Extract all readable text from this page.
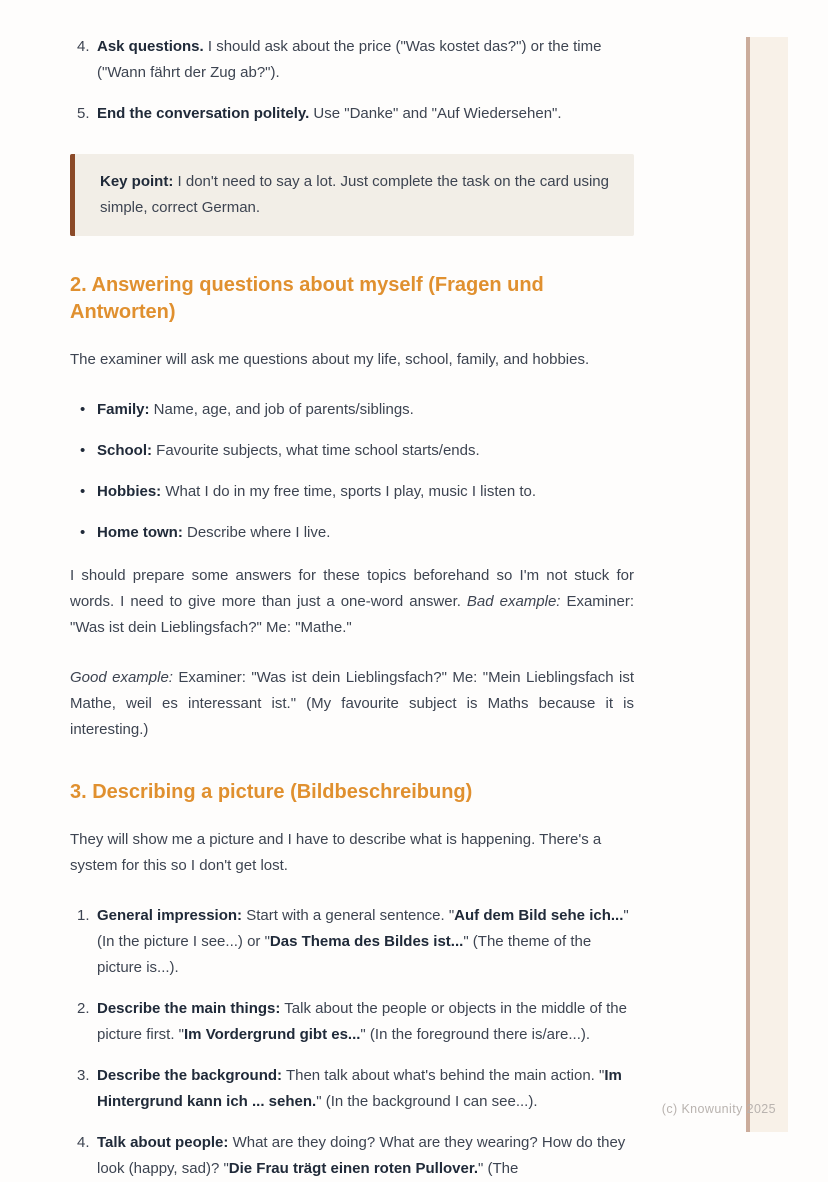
(c) Knowunity 2025
4. Ask questions. I should ask about the price ("Was kostet das?") or the time ("Wann fährt der Zug ab?").
5. End the conversation politely. Use "Danke" and "Auf Wiedersehen".
Key point: I don't need to say a lot. Just complete the task on the card using simple, correct German.
2. Answering questions about myself (Fragen und Antworten)

The examiner will ask me questions about my life, school, family, and hobbies.

• Family: Name, age, and job of parents/siblings.
• School: Favourite subjects, what time school starts/ends.
• Hobbies: What I do in my free time, sports I play, music I listen to.
• Home town: Describe where I live.

I should prepare some answers for these topics beforehand so I'm not stuck for words. I need to give more than just a one-word answer. Bad example: Examiner: "Was ist dein Lieblingsfach?" Me: "Mathe."

Good example: Examiner: "Was ist dein Lieblingsfach?" Me: "Mein Lieblingsfach ist Mathe, weil es interessant ist." (My favourite subject is Maths because it is interesting.)

3. Describing a picture (Bildbeschreibung)

They will show me a picture and I have to describe what is happening. There's a system for this so I don't get lost.

1. General impression: Start with a general sentence. "Auf dem Bild sehe ich..." (In the picture I see...) or "Das Thema des Bildes ist..." (The theme of the picture is...).
2. Describe the main things: Talk about the people or objects in the middle of the picture first. "Im Vordergrund gibt es..." (In the foreground there is/are...).
3. Describe the background: Then talk about what's behind the main action. "Im Hintergrund kann ich ... sehen." (In the background I can see...).
4. Talk about people: What are they doing? What are they wearing? How do they look (happy, sad)? "Die Frau trägt einen roten Pullover." (The
